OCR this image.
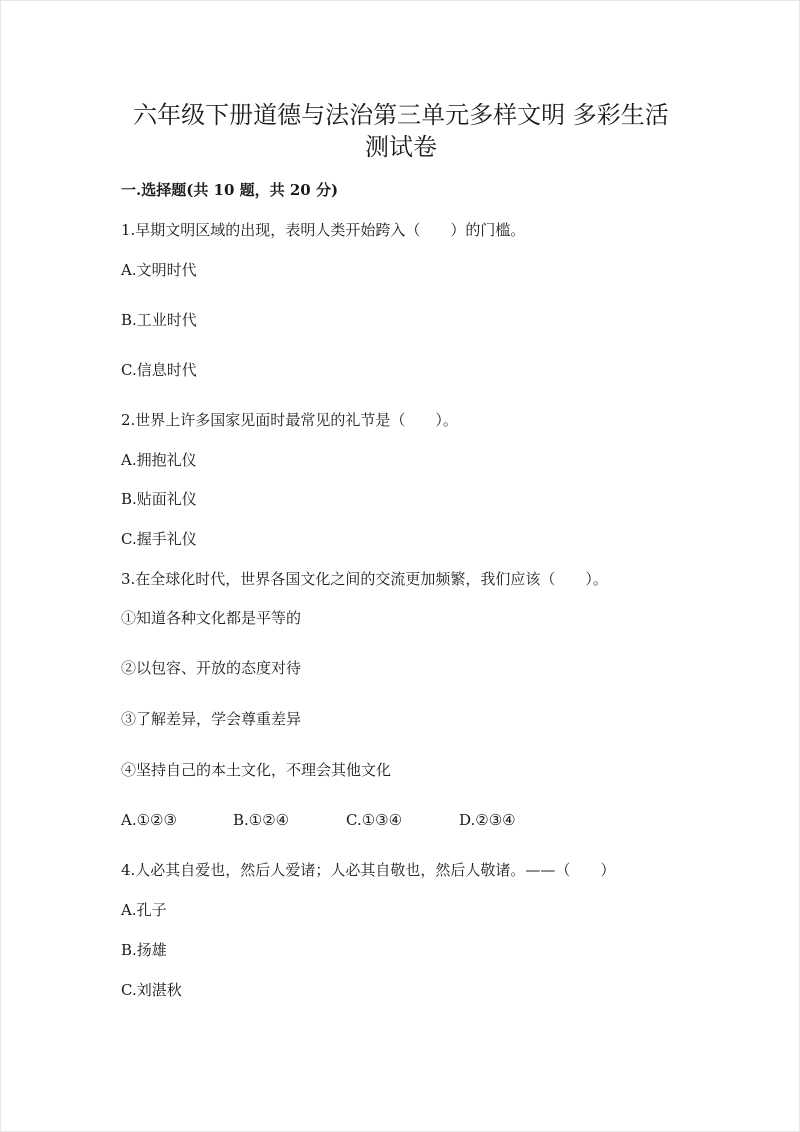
六年级下册道德与法治第三单元多样文明 多彩生活
测试卷
一.选择题(共 10 题，共 20 分)
1.早期文明区域的出现，表明人类开始跨入（　　）的门槛。
A.文明时代
B.工业时代
C.信息时代
2.世界上许多国家见面时最常见的礼节是（　　）。
A.拥抱礼仪
B.贴面礼仪
C.握手礼仪
3.在全球化时代，世界各国文化之间的交流更加频繁，我们应该（　　）。
①知道各种文化都是平等的
②以包容、开放的态度对待
③了解差异，学会尊重差异
④坚持自己的本土文化，不理会其他文化
A.①②③	B.①②④	C.①③④	D.②③④
4.人必其自爱也，然后人爱诸；人必其自敬也，然后人敬诸。——（　　）
A.孔子
B.扬雄
C.刘湛秋
